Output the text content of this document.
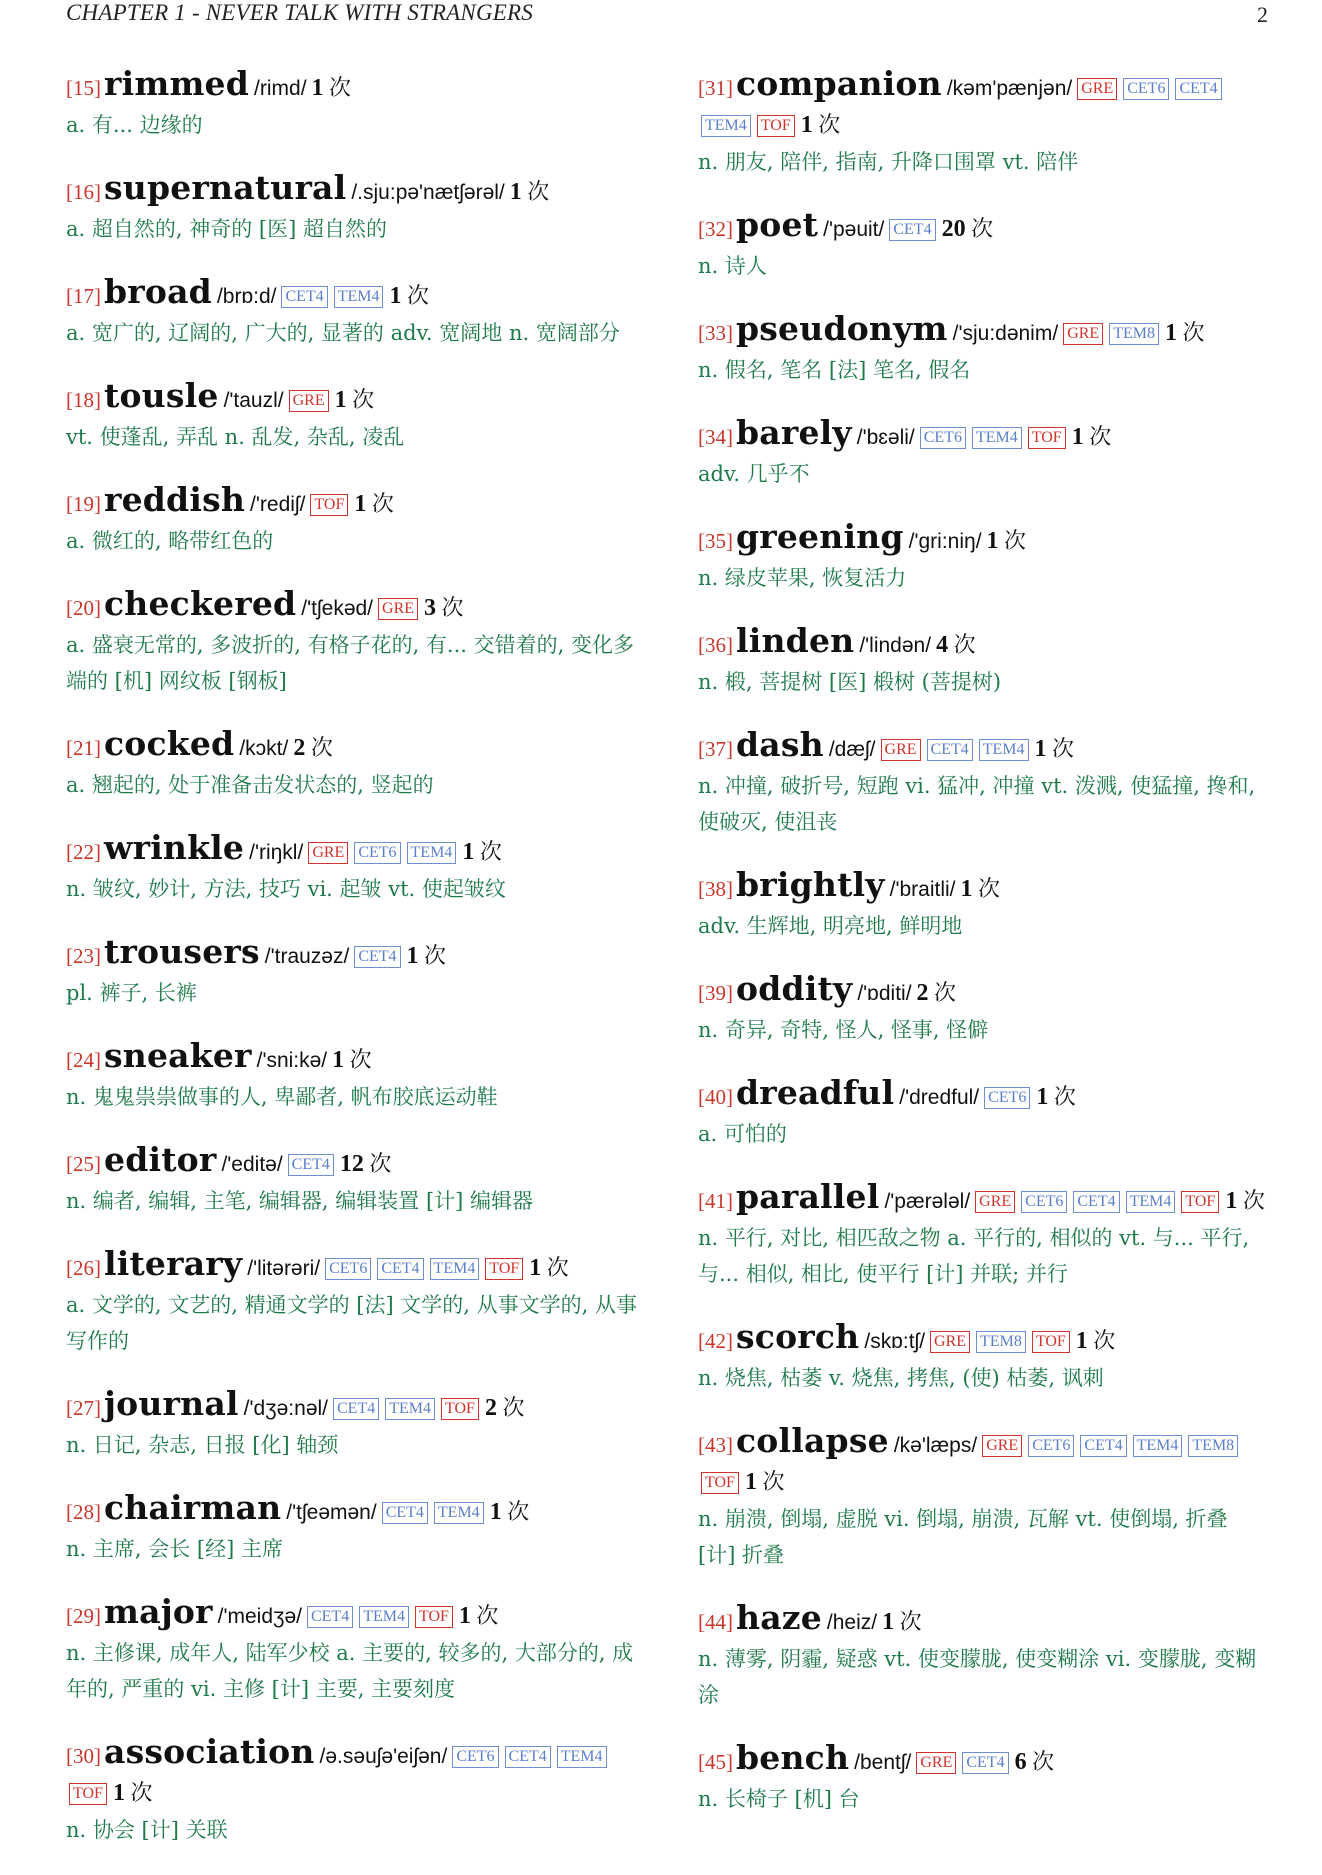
CHAPTER 1 - NEVER TALK WITH STRANGERS	2
[15]rimmed /rimd/ 1 次
a. 有... 边缘的
[16]supernatural /.sju:pə'nætʃərəl/ 1 次
a. 超自然的, 神奇的 [医] 超自然的
[17]broad /brɒ:d/ CET4 TEM4 1 次
a. 宽广的, 辽阔的, 广大的, 显著的 adv. 宽阔地 n. 宽阔部分
[18]tousle /'tauzl/ GRE 1 次
vt. 使蓬乱, 弄乱 n. 乱发, 杂乱, 凌乱
[19]reddish /'rediʃ/ TOF 1 次
a. 微红的, 略带红色的
[20]checkered /'tʃekəd/ GRE 3 次
a. 盛衰无常的, 多波折的, 有格子花的, 有... 交错着的, 变化多端的 [机] 网纹板 [钢板]
[21]cocked /kɔkt/ 2 次
a. 翘起的, 处于准备击发状态的, 竖起的
[22]wrinkle /'riŋkl/ GRE CET6 TEM4 1 次
n. 皱纹, 妙计, 方法, 技巧 vi. 起皱 vt. 使起皱纹
[23]trousers /'trauzəz/ CET4 1 次
pl. 裤子, 长裤
[24]sneaker /'sni:kə/ 1 次
n. 鬼鬼祟祟做事的人, 卑鄙者, 帆布胶底运动鞋
[25]editor /'editə/ CET4 12 次
n. 编者, 编辑, 主笔, 编辑器, 编辑装置 [计] 编辑器
[26]literary /'litərəri/ CET6 CET4 TEM4 TOF 1 次
a. 文学的, 文艺的, 精通文学的 [法] 文学的, 从事文学的, 从事写作的
[27]journal /'dʒə:nəl/ CET4 TEM4 TOF 2 次
n. 日记, 杂志, 日报 [化] 轴颈
[28]chairman /'tʃeəmən/ CET4 TEM4 1 次
n. 主席, 会长 [经] 主席
[29]major /'meidʒə/ CET4 TEM4 TOF 1 次
n. 主修课, 成年人, 陆军少校 a. 主要的, 较多的, 大部分的, 成年的, 严重的 vi. 主修 [计] 主要, 主要刻度
[30]association /ə.səuʃə'eiʃən/ CET6 CET4 TEM4TOF 1 次
n. 协会 [计] 关联
[31]companion /kəm'pænjən/ GRE CET6 CET4TEM4 TOF 1 次
n. 朋友, 陪伴, 指南, 升降口围罩 vt. 陪伴
[32]poet /'pəuit/ CET4 20 次
n. 诗人
[33]pseudonym /'sju:dənim/ GRE TEM8 1 次
n. 假名, 笔名 [法] 笔名, 假名
[34]barely /'bɛəli/ CET6 TEM4 TOF 1 次
adv. 几乎不
[35]greening /'gri:niŋ/ 1 次
n. 绿皮苹果, 恢复活力
[36]linden /'lindən/ 4 次
n. 椴, 菩提树 [医] 椴树 (菩提树)
[37]dash /dæʃ/ GRE CET4 TEM4 1 次
n. 冲撞, 破折号, 短跑 vi. 猛冲, 冲撞 vt. 泼溅, 使猛撞, 搀和, 使破灭, 使沮丧
[38]brightly /'braitli/ 1 次
adv. 生辉地, 明亮地, 鲜明地
[39]oddity /'ɒditi/ 2 次
n. 奇异, 奇特, 怪人, 怪事, 怪僻
[40]dreadful /'dredful/ CET6 1 次
a. 可怕的
[41]parallel /'pærələl/ GRE CET6 CET4 TEM4 TOF 1 次
n. 平行, 对比, 相匹敌之物 a. 平行的, 相似的 vt. 与... 平行, 与... 相似, 相比, 使平行 [计] 并联; 并行
[42]scorch /skɒ:tʃ/ GRE TEM8 TOF 1 次
n. 烧焦, 枯萎 v. 烧焦, 拷焦, (使) 枯萎, 讽刺
[43]collapse /kə'læps/ GRE CET6 CET4 TEM4 TEM8TOF 1 次
n. 崩溃, 倒塌, 虚脱 vi. 倒塌, 崩溃, 瓦解 vt. 使倒塌, 折叠 [计] 折叠
[44]haze /heiz/ 1 次
n. 薄雾, 阴霾, 疑惑 vt. 使变朦胧, 使变糊涂 vi. 变朦胧, 变糊涂
[45]bench /bentʃ/ GRE CET4 6 次
n. 长椅子 [机] 台
